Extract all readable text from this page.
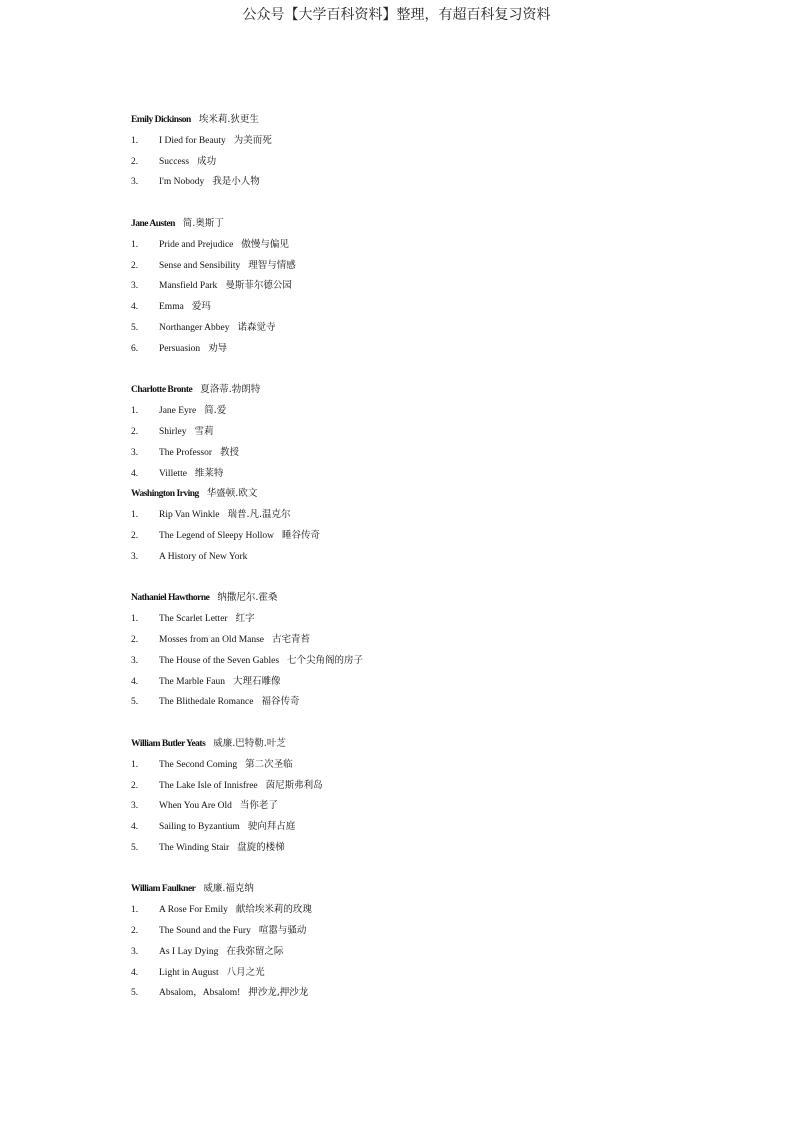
公众号【大学百科资料】整理，有超百科复习资料
Emily Dickinson 埃米莉.狄更生
1. I Died for Beauty 为美而死
2. Success 成功
3. I'm Nobody 我是小人物
Jane Austen 简.奥斯丁
1. Pride and Prejudice 傲慢与偏见
2. Sense and Sensibility 理智与情感
3. Mansfield Park 曼斯菲尔德公园
4. Emma 爱玛
5. Northanger Abbey 诺森觉寺
6. Persuasion 劝导
Charlotte Bronte 夏洛蒂.勃朗特
1. Jane Eyre 简.爱
2. Shirley 雪莉
3. The Professor 教授
4. Villette 维莱特
Washington Irving 华盛顿.欧文
1. Rip Van Winkle 瑞普.凡.温克尔
2. The Legend of Sleepy Hollow 睡谷传奇
3. A History of New York
Nathaniel Hawthorne 纳撒尼尔.霍桑
1. The Scarlet Letter 红字
2. Mosses from an Old Manse 古宅青苔
3. The House of the Seven Gables 七个尖角阁的房子
4. The Marble Faun 大理石雕像
5. The Blithedale Romance 福谷传奇
William Butler Yeats 威廉.巴特勒.叶芝
1. The Second Coming 第二次圣临
2. The Lake Isle of Innisfree 茵尼斯弗利岛
3. When You Are Old 当你老了
4. Sailing to Byzantium 驶向拜占庭
5. The Winding Stair 盘旋的楼梯
William Faulkner 威廉.福克纳
1. A Rose For Emily 献给埃米莉的玫瑰
2. The Sound and the Fury 喧嚣与骚动
3. As I Lay Dying 在我弥留之际
4. Light in August 八月之光
5. Absalom，Absalom! 押沙龙,押沙龙
